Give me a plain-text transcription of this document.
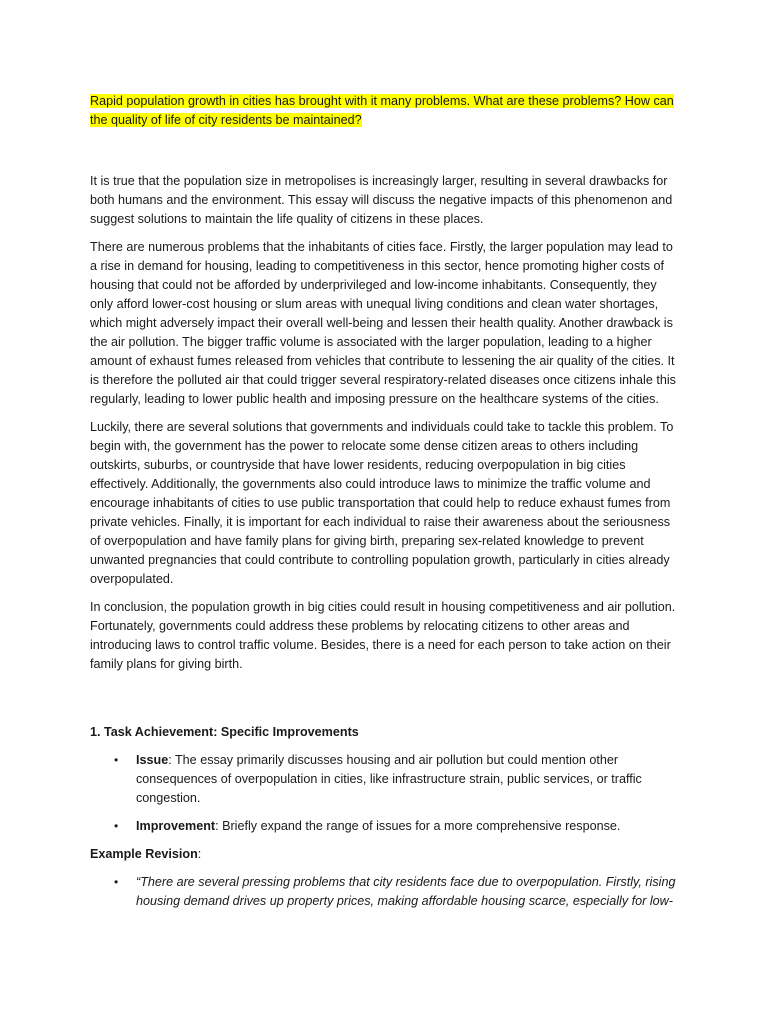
Rapid population growth in cities has brought with it many problems. What are these problems? How can the quality of life of city residents be maintained?

It is true that the population size in metropolises is increasingly larger, resulting in several drawbacks for both humans and the environment. This essay will discuss the negative impacts of this phenomenon and suggest solutions to maintain the life quality of citizens in these places.

There are numerous problems that the inhabitants of cities face. Firstly, the larger population may lead to a rise in demand for housing, leading to competitiveness in this sector, hence promoting higher costs of housing that could not be afforded by underprivileged and low-income inhabitants. Consequently, they only afford lower-cost housing or slum areas with unequal living conditions and clean water shortages, which might adversely impact their overall well-being and lessen their health quality. Another drawback is the air pollution. The bigger traffic volume is associated with the larger population, leading to a higher amount of exhaust fumes released from vehicles that contribute to lessening the air quality of the cities. It is therefore the polluted air that could trigger several respiratory-related diseases once citizens inhale this regularly, leading to lower public health and imposing pressure on the healthcare systems of the cities.

Luckily, there are several solutions that governments and individuals could take to tackle this problem. To begin with, the government has the power to relocate some dense citizen areas to others including outskirts, suburbs, or countryside that have lower residents, reducing overpopulation in big cities effectively. Additionally, the governments also could introduce laws to minimize the traffic volume and encourage inhabitants of cities to use public transportation that could help to reduce exhaust fumes from private vehicles. Finally, it is important for each individual to raise their awareness about the seriousness of overpopulation and have family plans for giving birth, preparing sex-related knowledge to prevent unwanted pregnancies that could contribute to controlling population growth, particularly in cities already overpopulated.

In conclusion, the population growth in big cities could result in housing competitiveness and air pollution. Fortunately, governments could address these problems by relocating citizens to other areas and introducing laws to control traffic volume. Besides, there is a need for each person to take action on their family plans for giving birth.

1. Task Achievement: Specific Improvements
• Issue: The essay primarily discusses housing and air pollution but could mention other consequences of overpopulation in cities, like infrastructure strain, public services, or traffic congestion.
• Improvement: Briefly expand the range of issues for a more comprehensive response.

Example Revision:

• “There are several pressing problems that city residents face due to overpopulation. Firstly, rising housing demand drives up property prices, making affordable housing scarce, especially for low-
